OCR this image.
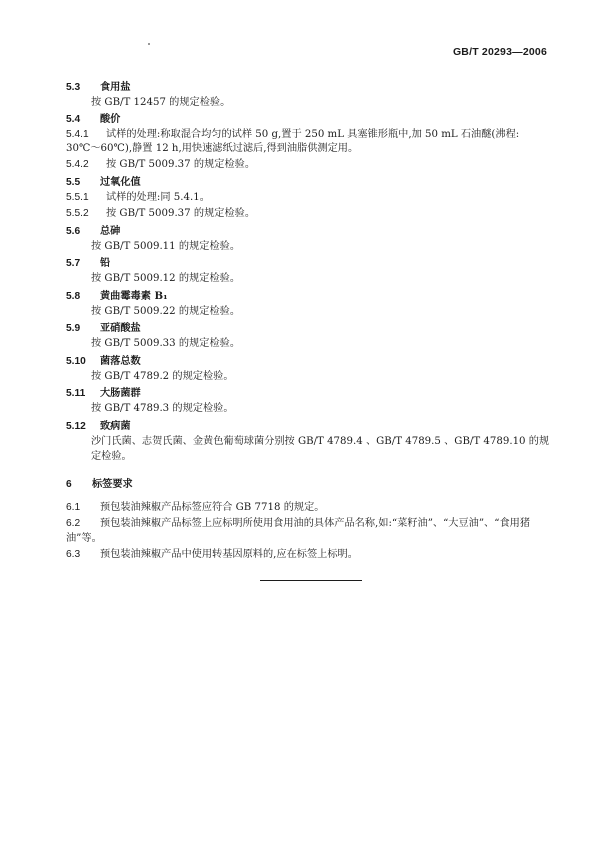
GB/T 20293—2006
5.3 食用盐
按 GB/T 12457 的规定检验。
5.4 酸价
5.4.1 试样的处理:称取混合均匀的试样 50 g,置于 250 mL 具塞锥形瓶中,加 50 mL 石油醚(沸程:
30℃～60℃),静置 12 h,用快速滤纸过滤后,得到油脂供测定用。
5.4.2 按 GB/T 5009.37 的规定检验。
5.5 过氧化值
5.5.1 试样的处理:同 5.4.1。
5.5.2 按 GB/T 5009.37 的规定检验。
5.6 总砷
按 GB/T 5009.11 的规定检验。
5.7 铅
按 GB/T 5009.12 的规定检验。
5.8 黄曲霉毒素 B₁
按 GB/T 5009.22 的规定检验。
5.9 亚硝酸盐
按 GB/T 5009.33 的规定检验。
5.10 菌落总数
按 GB/T 4789.2 的规定检验。
5.11 大肠菌群
按 GB/T 4789.3 的规定检验。
5.12 致病菌
沙门氏菌、志贺氏菌、金黄色葡萄球菌分别按 GB/T 4789.4 、GB/T 4789.5 、GB/T 4789.10 的规
定检验。
6 标签要求
6.1 预包装油辣椒产品标签应符合 GB 7718 的规定。
6.2 预包装油辣椒产品标签上应标明所使用食用油的具体产品名称,如:“菜籽油”、“大豆油”、“食用猪
油”等。
6.3 预包装油辣椒产品中使用转基因原料的,应在标签上标明。
